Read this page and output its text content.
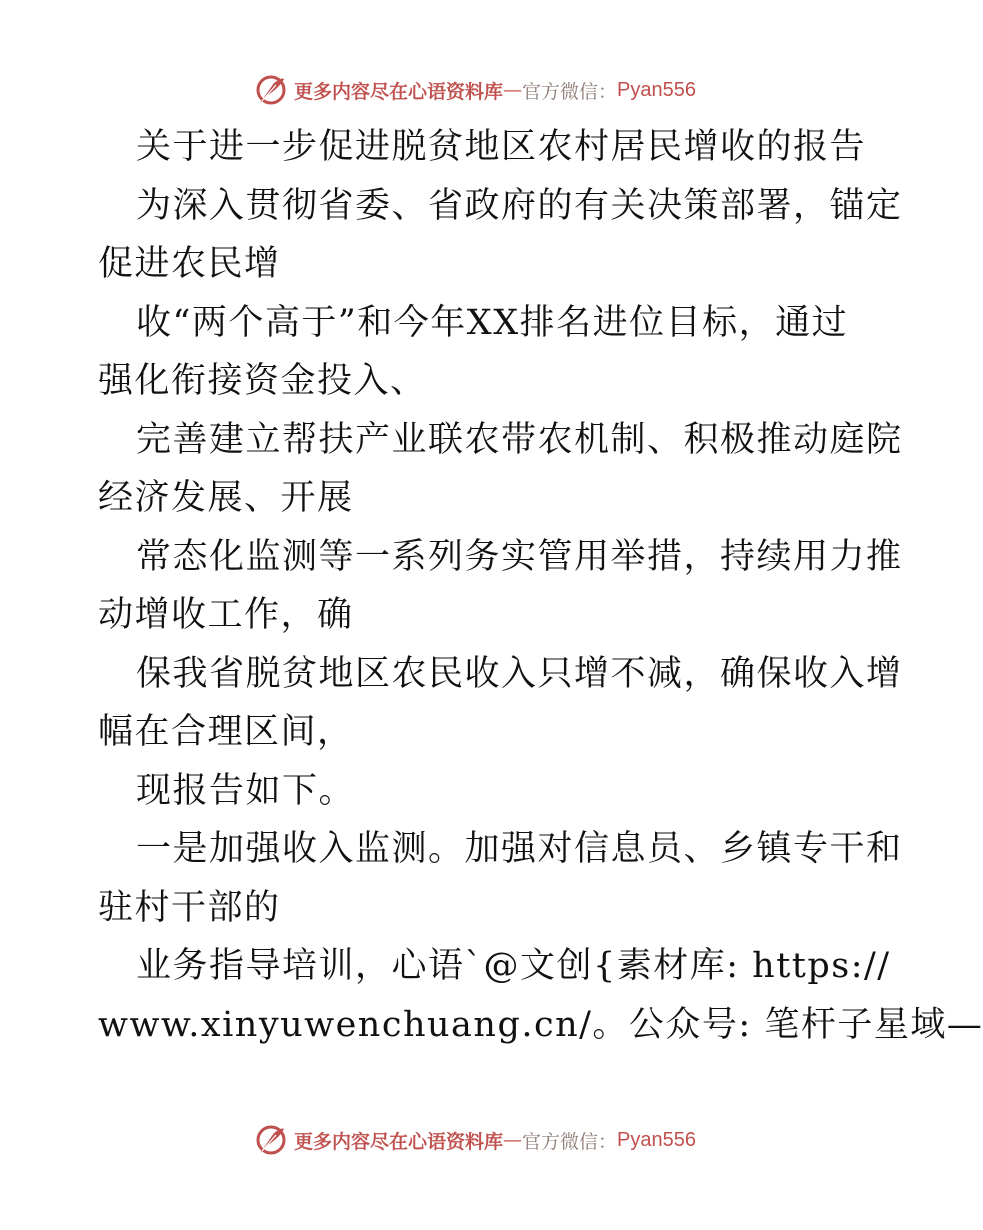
更多内容尽在心语资料库 — 官方微信： Pyan556
关于进一步促进脱贫地区农村居民增收的报告
为深入贯彻省委、省政府的有关决策部署，锚定
促进农民增
收“两个高于”和今年XX排名进位目标，通过
强化衔接资金投入、
完善建立帮扶产业联农带农机制、积极推动庭院
经济发展、开展
常态化监测等一系列务实管用举措，持续用力推
动增收工作，确
保我省脱贫地区农民收入只增不减，确保收入增
幅在合理区间，
现报告如下。
一是加强收入监测。加强对信息员、乡镇专干和
驻村干部的
业务指导培训，心语`@文创{素材库: https://
www.xinyuwenchuang.cn/。公众号: 笔杆子星域—
更多内容尽在心语资料库 — 官方微信： Pyan556
